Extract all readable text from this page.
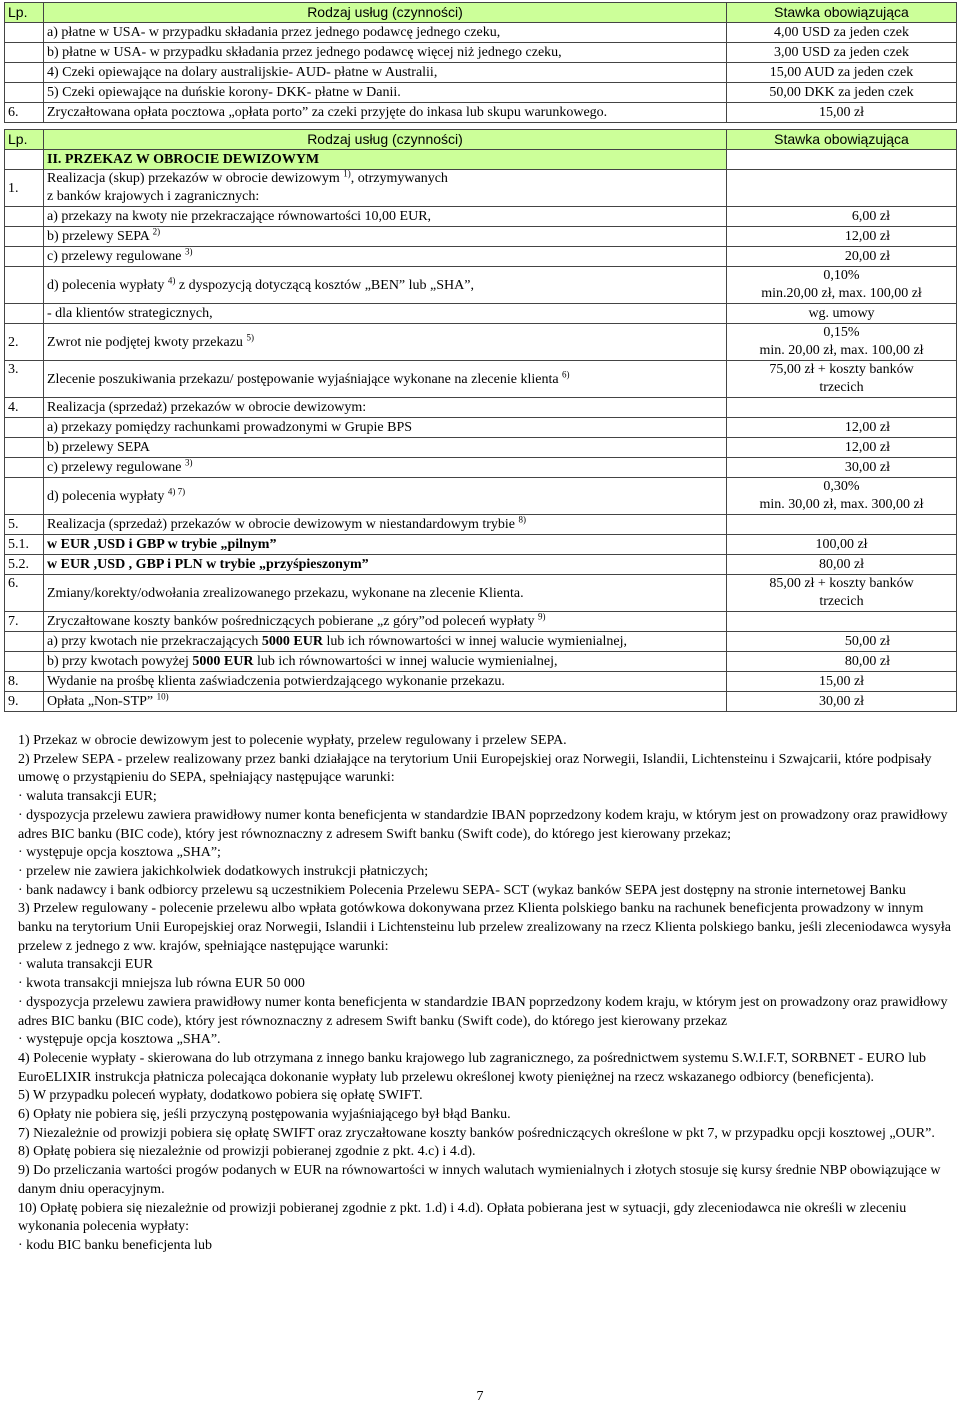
Lp.	Rodzaj usług (czynności)	Stawka obowiązująca
	a) płatne w USA- w przypadku składania przez jednego podawcę jednego czeku,	4,00 USD za jeden czek
	b) płatne w USA- w przypadku składania przez jednego podawcę więcej niż jednego czeku,	3,00 USD za jeden czek
	4) Czeki opiewające na dolary australijskie- AUD- płatne w Australii,	15,00 AUD za jeden czek
	5) Czeki opiewające na duńskie korony- DKK- płatne w Danii.	50,00 DKK za jeden czek
6.	Zryczałtowana opłata pocztowa „opłata porto” za czeki przyjęte do inkasa lub skupu warunkowego.	15,00 zł
Lp.	Rodzaj usług (czynności)	Stawka obowiązująca
	II. PRZEKAZ W OBROCIE DEWIZOWYM	
1.	Realizacja (skup) przekazów w obrocie dewizowym $^{1)}$, otrzymywanych
z banków krajowych i zagranicznych:	
	a) przekazy na kwoty nie przekraczające równowartości 10,00 EUR,	6,00 zł
	b) przelewy SEPA $^{2)}$	12,00 zł
	c) przelewy regulowane $^{3)}$	20,00 zł
	d) polecenia wypłaty $^{4)}$ z dyspozycją dotyczącą kosztów „BEN” lub „SHA”,	0,10%
min.20,00 zł, max. 100,00 zł
	- dla klientów strategicznych,	wg. umowy
2.	Zwrot nie podjętej kwoty przekazu $^{5)}$	0,15%
min. 20,00 zł, max. 100,00 zł
3.	Zlecenie poszukiwania przekazu/ postępowanie wyjaśniające wykonane na zlecenie klienta $^{6)}$	75,00 zł + koszty banków
trzecich
4.	Realizacja (sprzedaż) przekazów w obrocie dewizowym:	
	a) przekazy pomiędzy rachunkami prowadzonymi w Grupie BPS	12,00 zł
	b) przelewy SEPA	12,00 zł
	c) przelewy regulowane $^{3)}$	30,00 zł
	d) polecenia wypłaty $^{4) 7)}$	0,30%
min. 30,00 zł, max. 300,00 zł
5.	Realizacja (sprzedaż) przekazów w obrocie dewizowym w niestandardowym trybie $^{8)}$	
5.1.	w EUR ,USD i GBP w trybie „pilnym”	100,00 zł
5.2.	w EUR ,USD , GBP i PLN w trybie „przyśpieszonym”	80,00 zł
6.	Zmiany/korekty/odwołania zrealizowanego przekazu, wykonane na zlecenie Klienta.	85,00 zł + koszty banków
trzecich
7.	Zryczałtowane koszty banków pośredniczących pobierane „z góry”od poleceń wypłaty $^{9)}$	
	a) przy kwotach nie przekraczających 5000 EUR lub ich równowartości w innej walucie wymienialnej,	50,00 zł
	b) przy kwotach powyżej 5000 EUR lub ich równowartości w innej walucie wymienialnej,	80,00 zł
8.	Wydanie na prośbę klienta zaświadczenia potwierdzającego wykonanie przekazu.	15,00 zł
9.	Opłata „Non-STP” $^{10)}$	30,00 zł

1) Przekaz w obrocie dewizowym jest to polecenie wypłaty, przelew regulowany i przelew SEPA.

2) Przelew SEPA - przelew realizowany przez banki działające na terytorium Unii Europejskiej oraz Norwegii, Islandii, Lichtensteinu i Szwajcarii, które podpisały umowę o przystąpieniu do SEPA, spełniający następujące warunki:

· waluta transakcji EUR;

· dyspozycja przelewu zawiera prawidłowy numer konta beneficjenta w standardzie IBAN poprzedzony kodem kraju, w którym jest on prowadzony oraz prawidłowy adres BIC banku (BIC code), który jest równoznaczny z adresem Swift banku (Swift code), do którego jest kierowany przekaz;

· występuje opcja kosztowa „SHA”;

· przelew nie zawiera jakichkolwiek dodatkowych instrukcji płatniczych;

· bank nadawcy i bank odbiorcy przelewu są uczestnikiem Polecenia Przelewu SEPA- SCT (wykaz banków SEPA jest dostępny na stronie internetowej Banku

3) Przelew regulowany - polecenie przelewu albo wpłata gotówkowa dokonywana przez Klienta polskiego banku na rachunek beneficjenta prowadzony w innym banku na terytorium Unii Europejskiej oraz Norwegii, Islandii i Lichtensteinu lub przelew zrealizowany na rzecz Klienta polskiego banku, jeśli zleceniodawca wysyła przelew z jednego z ww. krajów, spełniające następujące warunki:

· waluta transakcji EUR

· kwota transakcji mniejsza lub równa EUR 50 000

· dyspozycja przelewu zawiera prawidłowy numer konta beneficjenta w standardzie IBAN poprzedzony kodem kraju, w którym jest on prowadzony oraz prawidłowy adres BIC banku (BIC code), który jest równoznaczny z adresem Swift banku (Swift code), do którego jest kierowany przekaz

· występuje opcja kosztowa „SHA”.

4) Polecenie wypłaty - skierowana do lub otrzymana z innego banku krajowego lub zagranicznego, za pośrednictwem systemu S.W.I.F.T, SORBNET - EURO lub EuroELIXIR instrukcja płatnicza polecająca dokonanie wypłaty lub przelewu określonej kwoty pieniężnej na rzecz wskazanego odbiorcy (beneficjenta).

5) W przypadku poleceń wypłaty, dodatkowo pobiera się opłatę SWIFT.

6) Opłaty nie pobiera się, jeśli przyczyną postępowania wyjaśniającego był błąd Banku.

7) Niezależnie od prowizji pobiera się opłatę SWIFT oraz zryczałtowane koszty banków pośredniczących określone w pkt 7, w przypadku opcji kosztowej „OUR”.

8) Opłatę pobiera się niezależnie od prowizji pobieranej zgodnie z pkt. 4.c) i 4.d).

9) Do przeliczania wartości progów podanych w EUR na równowartości w innych walutach wymienialnych i złotych stosuje się kursy średnie NBP obowiązujące w danym dniu operacyjnym.

10) Opłatę pobiera się niezależnie od prowizji pobieranej zgodnie z pkt. 1.d) i 4.d). Opłata pobierana jest w sytuacji, gdy zleceniodawca nie określi w zleceniu wykonania polecenia wypłaty:

· kodu BIC banku beneficjenta lub

7
